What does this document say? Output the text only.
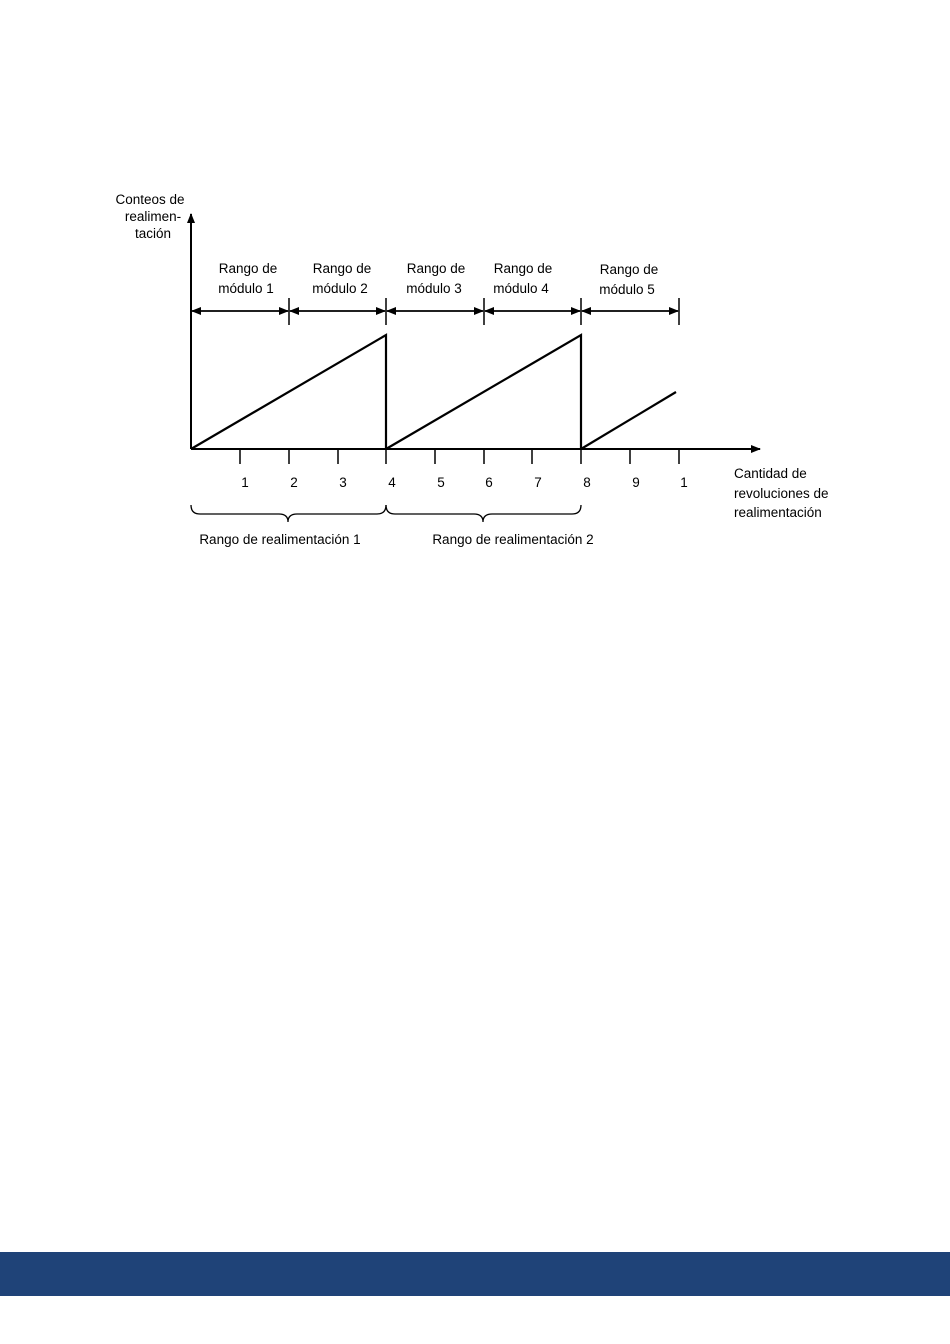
Conteos de
realimen-
tación
Cantidad de
revoluciones de
realimentación
1	2	3	4	5	6	7	8	9	1
Rango de
módulo 1
Rango de
módulo 2
Rango de
módulo 3
Rango de
módulo 4
Rango de
módulo 5
Rango de realimentación 1	Rango de realimentación 2
